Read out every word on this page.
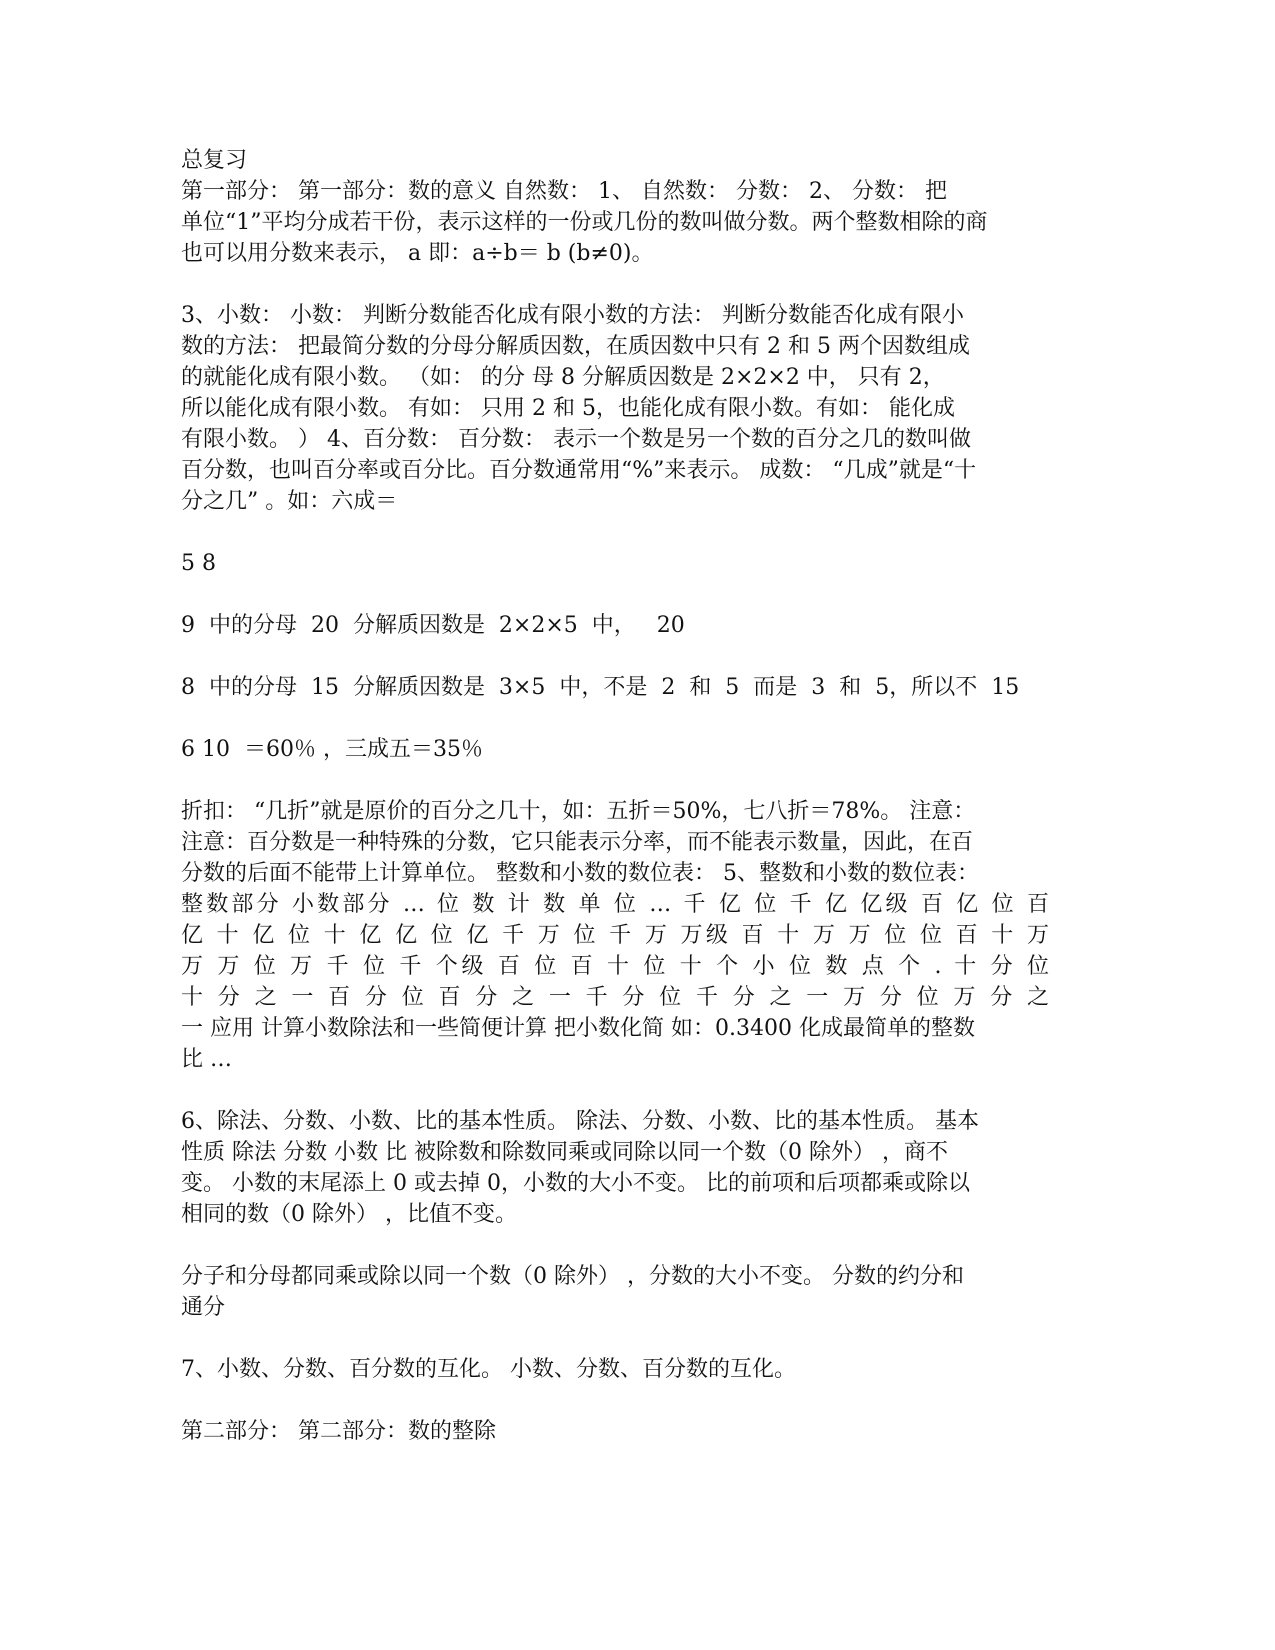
总复习
第一部分： 第一部分：数的意义 自然数： 1、 自然数： 分数： 2、 分数： 把
单位“1”平均分成若干份，表示这样的一份或几份的数叫做分数。两个整数相除的商
也可以用分数来表示， a 即：a÷b＝ b (b≠0)。
3、小数： 小数： 判断分数能否化成有限小数的方法： 判断分数能否化成有限小
数的方法： 把最简分数的分母分解质因数，在质因数中只有 2 和 5 两个因数组成
的就能化成有限小数。 （如： 的分 母 8 分解质因数是 2×2×2 中， 只有 2，
所以能化成有限小数。 有如： 只用 2 和 5，也能化成有限小数。有如： 能化成
有限小数。 ） 4、百分数： 百分数： 表示一个数是另一个数的百分之几的数叫做
百分数，也叫百分率或百分比。百分数通常用“%”来表示。 成数： “几成”就是“十
分之几” 。如：六成＝
5 8
9  中的分母  20  分解质因数是  2×2×5  中，   20
8  中的分母  15  分解质因数是  3×5  中，不是  2  和  5  而是  3  和  5，所以不  15
6 10  ＝60％ ，三成五＝35％
折扣： “几折”就是原价的百分之几十，如：五折＝50%，七八折＝78%。 注意：
注意：百分数是一种特殊的分数，它只能表示分率，而不能表示数量，因此，在百
分数的后面不能带上计算单位。 整数和小数的数位表： 5、整数和小数的数位表：
整数部分 小数部分 … 位 数 计 数 单 位 … 千 亿 位 千 亿 亿级 百 亿 位 百
亿 十 亿 位 十 亿 亿 位 亿 千 万 位 千 万 万级 百 十 万 万 位 位 百 十 万
万 万 位 万 千 位 千 个级 百 位 百 十 位 十 个 小 位 数 点 个 . 十 分 位
十 分 之 一 百 分 位 百 分 之 一 千 分 位 千 分 之 一 万 分 位 万 分 之
一 应用 计算小数除法和一些简便计算 把小数化简 如：0.3400 化成最简单的整数
比 …
6、除法、分数、小数、比的基本性质。 除法、分数、小数、比的基本性质。 基本
性质 除法 分数 小数 比 被除数和除数同乘或同除以同一个数（0 除外） ，商不
变。 小数的末尾添上 0 或去掉 0，小数的大小不变。 比的前项和后项都乘或除以
相同的数（0 除外） ，比值不变。
分子和分母都同乘或除以同一个数（0 除外） ，分数的大小不变。 分数的约分和
通分
7、小数、分数、百分数的互化。 小数、分数、百分数的互化。
第二部分： 第二部分：数的整除
